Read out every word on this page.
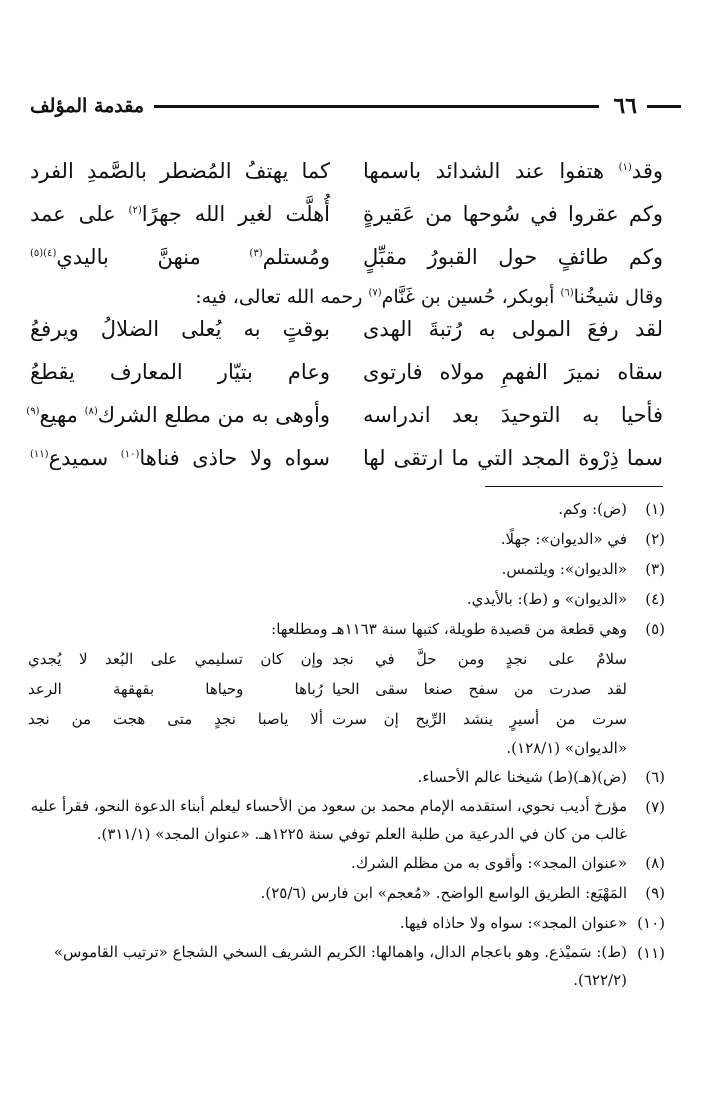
٦٦
مقدمة المؤلف
وقد$^{(١)}$ هتفوا عند الشدائد باسمها
كما يهتفُ المُضطر بالصَّمدِ الفرد
وكم عقروا في سُوحها من عَقيرةٍ
أُهلَّت لغير الله جهرًا$^{(٢)}$ على عمد
وكم طائفٍ حول القبورُ مقبِّلٍ
ومُستلم$^{(٣)}$ منهنَّ باليدي$^{(٤)(٥)}$
وقال شيخُنا$^{(٦)}$ أبوبكر، حُسين بن غَنَّام$^{(٧)}$ رحمه الله تعالى، فيه:
لقد رفعَ المولى به رُتبةَ الهدى
بوقتٍ به يُعلى الضلالُ ويرفعُ
سقاه نميرَ الفهمِ مولاه فارتوى
وعام بتيّار المعارف يقطعُ
فأحيا به التوحيدَ بعد اندراسه
وأوهى به من مطلع الشرك$^{(٨)}$ مهيع$^{(٩)}$
سما ذِرْوة المجد التي ما ارتقى لها
سواه ولا حاذى فناها$^{(١٠)}$ سميدع$^{(١١)}$
(١)
(ض): وكم.
(٢)
في «الديوان»: جهلًا.
(٣)
«الديوان»: ويلتمس.
(٤)
«الديوان» و (ط): بالأيدي.
(٥)
وهي قطعة من قصيدة طويلة، كتبها سنة ١١٦٣هـ ومطلعها:
سلامٌ على نجدٍ ومن حلَّ في نجد
وإن كان تسليمي على البُعد لا يُجدي
لقد صدرت من سفح صنعا سقى الحيا
رُباها وحياها بقهقهة الرعد
سرت من أسيرٍ ينشد الرِّيح إن سرت
ألا ياصبا نجدٍ متى هجت من نجد
«الديوان» (١٢٨/١).
(٦)
(ض)(هـ)(ط) شيخنا عالم الأحساء.
(٧)
مؤرخ أديب نحوي، استقدمه الإمام محمد بن سعود من الأحساء ليعلم أبناء الدعوة النحو، فقرأ عليه غالب من كان في الدرعية من طلبة العلم توفي سنة ١٢٢٥هـ. «عنوان المجد» (٣١١/١).
(٨)
«عنوان المجد»: وأقوى به من مظلم الشرك.
(٩)
المَهْيَع: الطريق الواسع الواضح. «مُعجم» ابن فارس (٢٥/٦).
(١٠)
«عنوان المجد»: سواه ولا حاذاه فيها.
(١١)
(ط): سَميْذع. وهو باعجام الدال، واهمالها: الكريم الشريف السخي الشجاع «ترتيب القاموس» (٦٢٢/٢).
